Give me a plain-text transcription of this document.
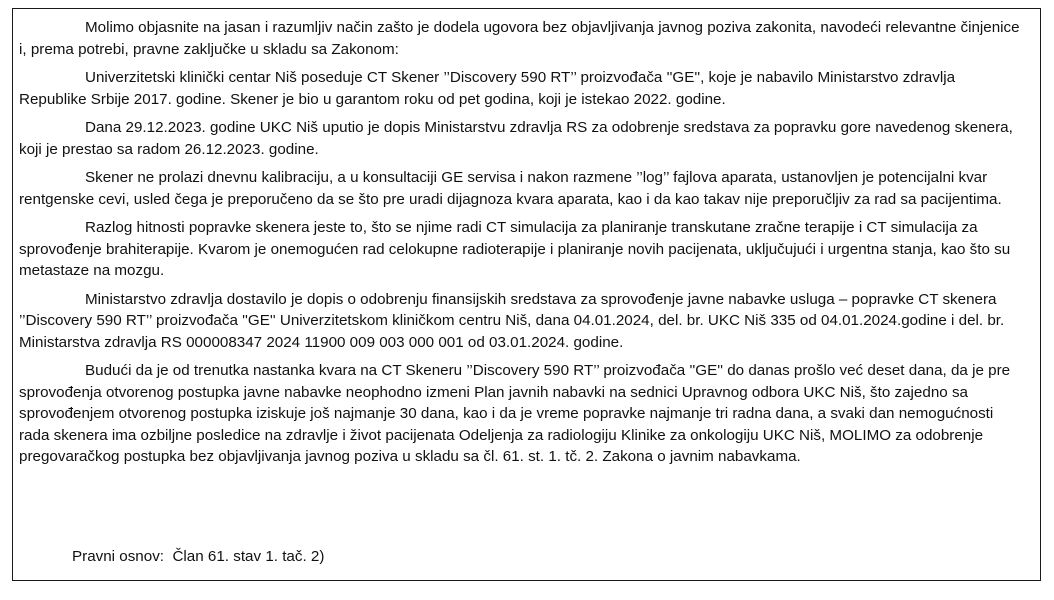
Molimo objasnite na jasan i razumljiv način zašto je dodela ugovora bez objavljivanja javnog poziva zakonita, navodeći relevantne činjenice i, prema potrebi, pravne zaključke u skladu sa Zakonom:

Univerzitetski klinički centar Niš poseduje CT Skener ’’Discovery 590 RT’’ proizvođača ''GE'', koje je nabavilo Ministarstvo zdravlja Republike Srbije 2017. godine. Skener je bio u garantom roku od pet godina, koji je istekao 2022. godine.

Dana 29.12.2023. godine UKC Niš uputio je dopis Ministarstvu zdravlja RS za odobrenje sredstava za popravku gore navedenog skenera, koji je prestao sa radom 26.12.2023. godine.

Skener ne prolazi dnevnu kalibraciju, a u konsultaciji GE servisa i nakon razmene ’’log’’ fajlova aparata, ustanovljen je potencijalni kvar rentgenske cevi, usled čega je preporučeno da se što pre uradi dijagnoza kvara aparata, kao i da kao takav nije preporučljiv za rad sa pacijentima.

Razlog hitnosti popravke skenera jeste to, što se njime radi CT simulacija za planiranje transkutane zračne terapije i CT simulacija za sprovođenje brahiterapije. Kvarom je onemogućen rad celokupne radioterapije i planiranje novih pacijenata, uključujući i urgentna stanja, kao što su metastaze na mozgu.

Ministarstvo zdravlja dostavilo je dopis o odobrenju finansijskih sredstava za sprovođenje javne nabavke usluga – popravke CT skenera ’’Discovery 590 RT’’ proizvođača ''GE'' Univerzitetskom kliničkom centru Niš, dana 04.01.2024, del. br. UKC Niš 335 od 04.01.2024.godine i del. br. Ministarstva zdravlja RS 000008347 2024 11900 009 003 000 001 od 03.01.2024. godine.

Budući da je od trenutka nastanka kvara na CT Skeneru ’’Discovery 590 RT’’ proizvođača ''GE'' do danas prošlo već deset dana, da je pre sprovođenja otvorenog postupka javne nabavke neophodno izmeni Plan javnih nabavki na sednici Upravnog odbora UKC Niš, što zajedno sa sprovođenjem otvorenog postupka iziskuje još najmanje 30 dana, kao i da je vreme popravke najmanje tri radna dana, a svaki dan nemogućnosti rada skenera ima ozbiljne posledice na zdravlje i život pacijenata Odeljenja za radiologiju Klinike za onkologiju UKC Niš, MOLIMO za odobrenje pregovaračkog postupka bez objavljivanja javnog poziva u skladu sa čl. 61. st. 1. tč. 2. Zakona o javnim nabavkama.

Pravni osnov:  Član 61. stav 1. tač. 2)
